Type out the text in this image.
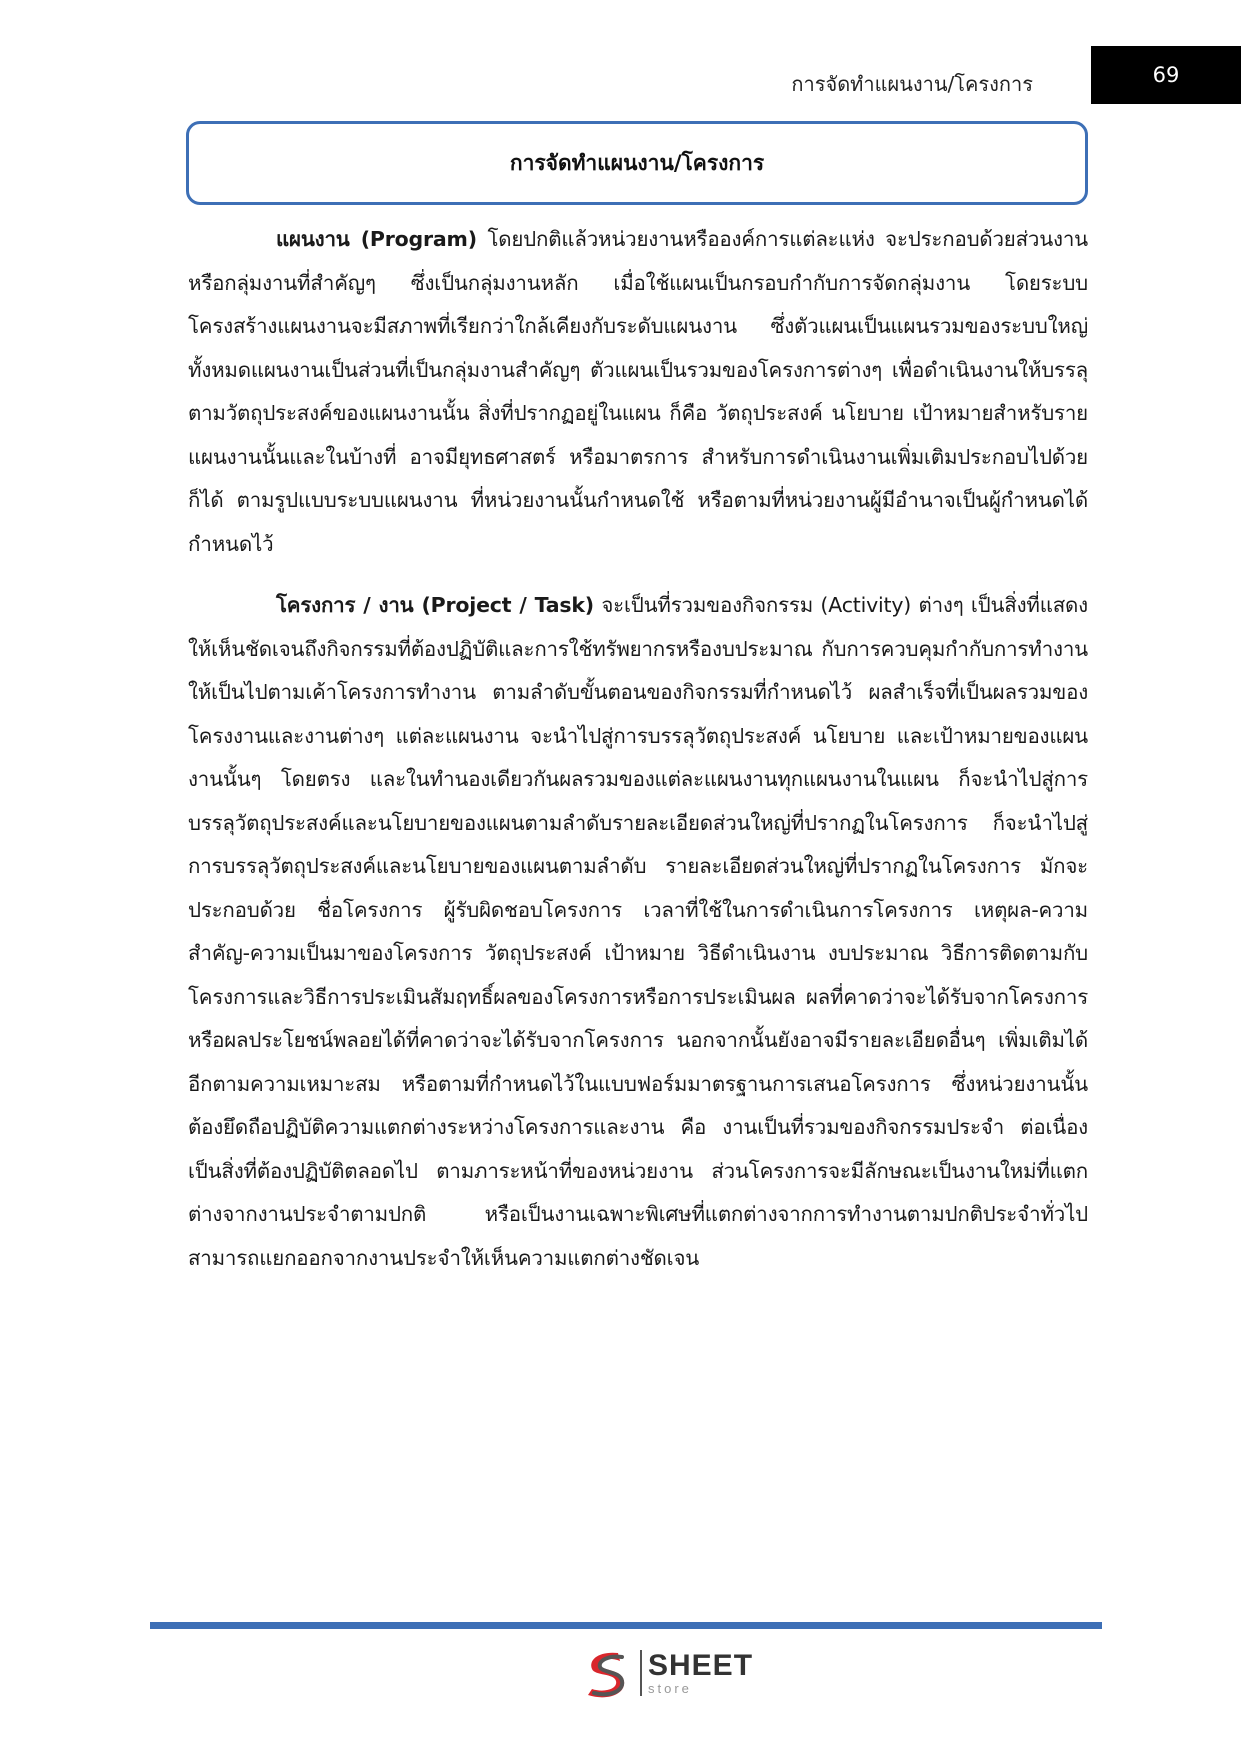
การจัดทำแผนงาน/โครงการ	69
การจัดทำแผนงาน/โครงการ

แผนงาน (Program) โดยปกติแล้วหน่วยงานหรือองค์การแต่ละแห่ง จะประกอบด้วยส่วนงานหรือกลุ่มงานที่สำคัญๆ ซึ่งเป็นกลุ่มงานหลัก เมื่อใช้แผนเป็นกรอบกำกับการจัดกลุ่มงาน โดยระบบโครงสร้างแผนงานจะมีสภาพที่เรียกว่าใกล้เคียงกับระดับแผนงาน ซึ่งตัวแผนเป็นแผนรวมของระบบใหญ่ทั้งหมดแผนงานเป็นส่วนที่เป็นกลุ่มงานสำคัญๆ ตัวแผนเป็นรวมของโครงการต่างๆ เพื่อดำเนินงานให้บรรลุตามวัตถุประสงค์ของแผนงานนั้น สิ่งที่ปรากฏอยู่ในแผน ก็คือ วัตถุประสงค์ นโยบาย เป้าหมายสำหรับรายแผนงานนั้นและในบ้างที่ อาจมียุทธศาสตร์ หรือมาตรการ สำหรับการดำเนินงานเพิ่มเติมประกอบไปด้วยก็ได้ ตามรูปแบบระบบแผนงาน ที่หน่วยงานนั้นกำหนดใช้ หรือตามที่หน่วยงานผู้มีอำนาจเป็นผู้กำหนดได้กำหนดไว้

โครงการ / งาน (Project / Task) จะเป็นที่รวมของกิจกรรม (Activity) ต่างๆ เป็นสิ่งที่แสดงให้เห็นชัดเจนถึงกิจกรรมที่ต้องปฏิบัติและการใช้ทรัพยากรหรืองบประมาณ กับการควบคุมกำกับการทำงานให้เป็นไปตามเค้าโครงการทำงาน ตามลำดับขั้นตอนของกิจกรรมที่กำหนดไว้ ผลสำเร็จที่เป็นผลรวมของโครงงานและงานต่างๆ แต่ละแผนงาน จะนำไปสู่การบรรลุวัตถุประสงค์ นโยบาย และเป้าหมายของแผนงานนั้นๆ โดยตรง และในทำนองเดียวกันผลรวมของแต่ละแผนงานทุกแผนงานในแผน ก็จะนำไปสู่การบรรลุวัตถุประสงค์และนโยบายของแผนตามลำดับรายละเอียดส่วนใหญ่ที่ปรากฏในโครงการ ก็จะนำไปสู่การบรรลุวัตถุประสงค์และนโยบายของแผนตามลำดับ รายละเอียดส่วนใหญ่ที่ปรากฏในโครงการ มักจะประกอบด้วย ชื่อโครงการ ผู้รับผิดชอบโครงการ เวลาที่ใช้ในการดำเนินการโครงการ เหตุผล-ความสำคัญ-ความเป็นมาของโครงการ วัตถุประสงค์ เป้าหมาย วิธีดำเนินงาน งบประมาณ วิธีการติดตามกับโครงการและวิธีการประเมินสัมฤทธิ์ผลของโครงการหรือการประเมินผล ผลที่คาดว่าจะได้รับจากโครงการหรือผลประโยชน์พลอยได้ที่คาดว่าจะได้รับจากโครงการ นอกจากนั้นยังอาจมีรายละเอียดอื่นๆ เพิ่มเติมได้อีกตามความเหมาะสม หรือตามที่กำหนดไว้ในแบบฟอร์มมาตรฐานการเสนอโครงการ ซึ่งหน่วยงานนั้นต้องยึดถือปฏิบัติความแตกต่างระหว่างโครงการและงาน คือ งานเป็นที่รวมของกิจกรรมประจำ ต่อเนื่องเป็นสิ่งที่ต้องปฏิบัติตลอดไป ตามภาระหน้าที่ของหน่วยงาน ส่วนโครงการจะมีลักษณะเป็นงานใหม่ที่แตกต่างจากงานประจำตามปกติ หรือเป็นงานเฉพาะพิเศษที่แตกต่างจากการทำงานตามปกติประจำทั่วไป สามารถแยกออกจากงานประจำให้เห็นความแตกต่างชัดเจน

SHEET
store
